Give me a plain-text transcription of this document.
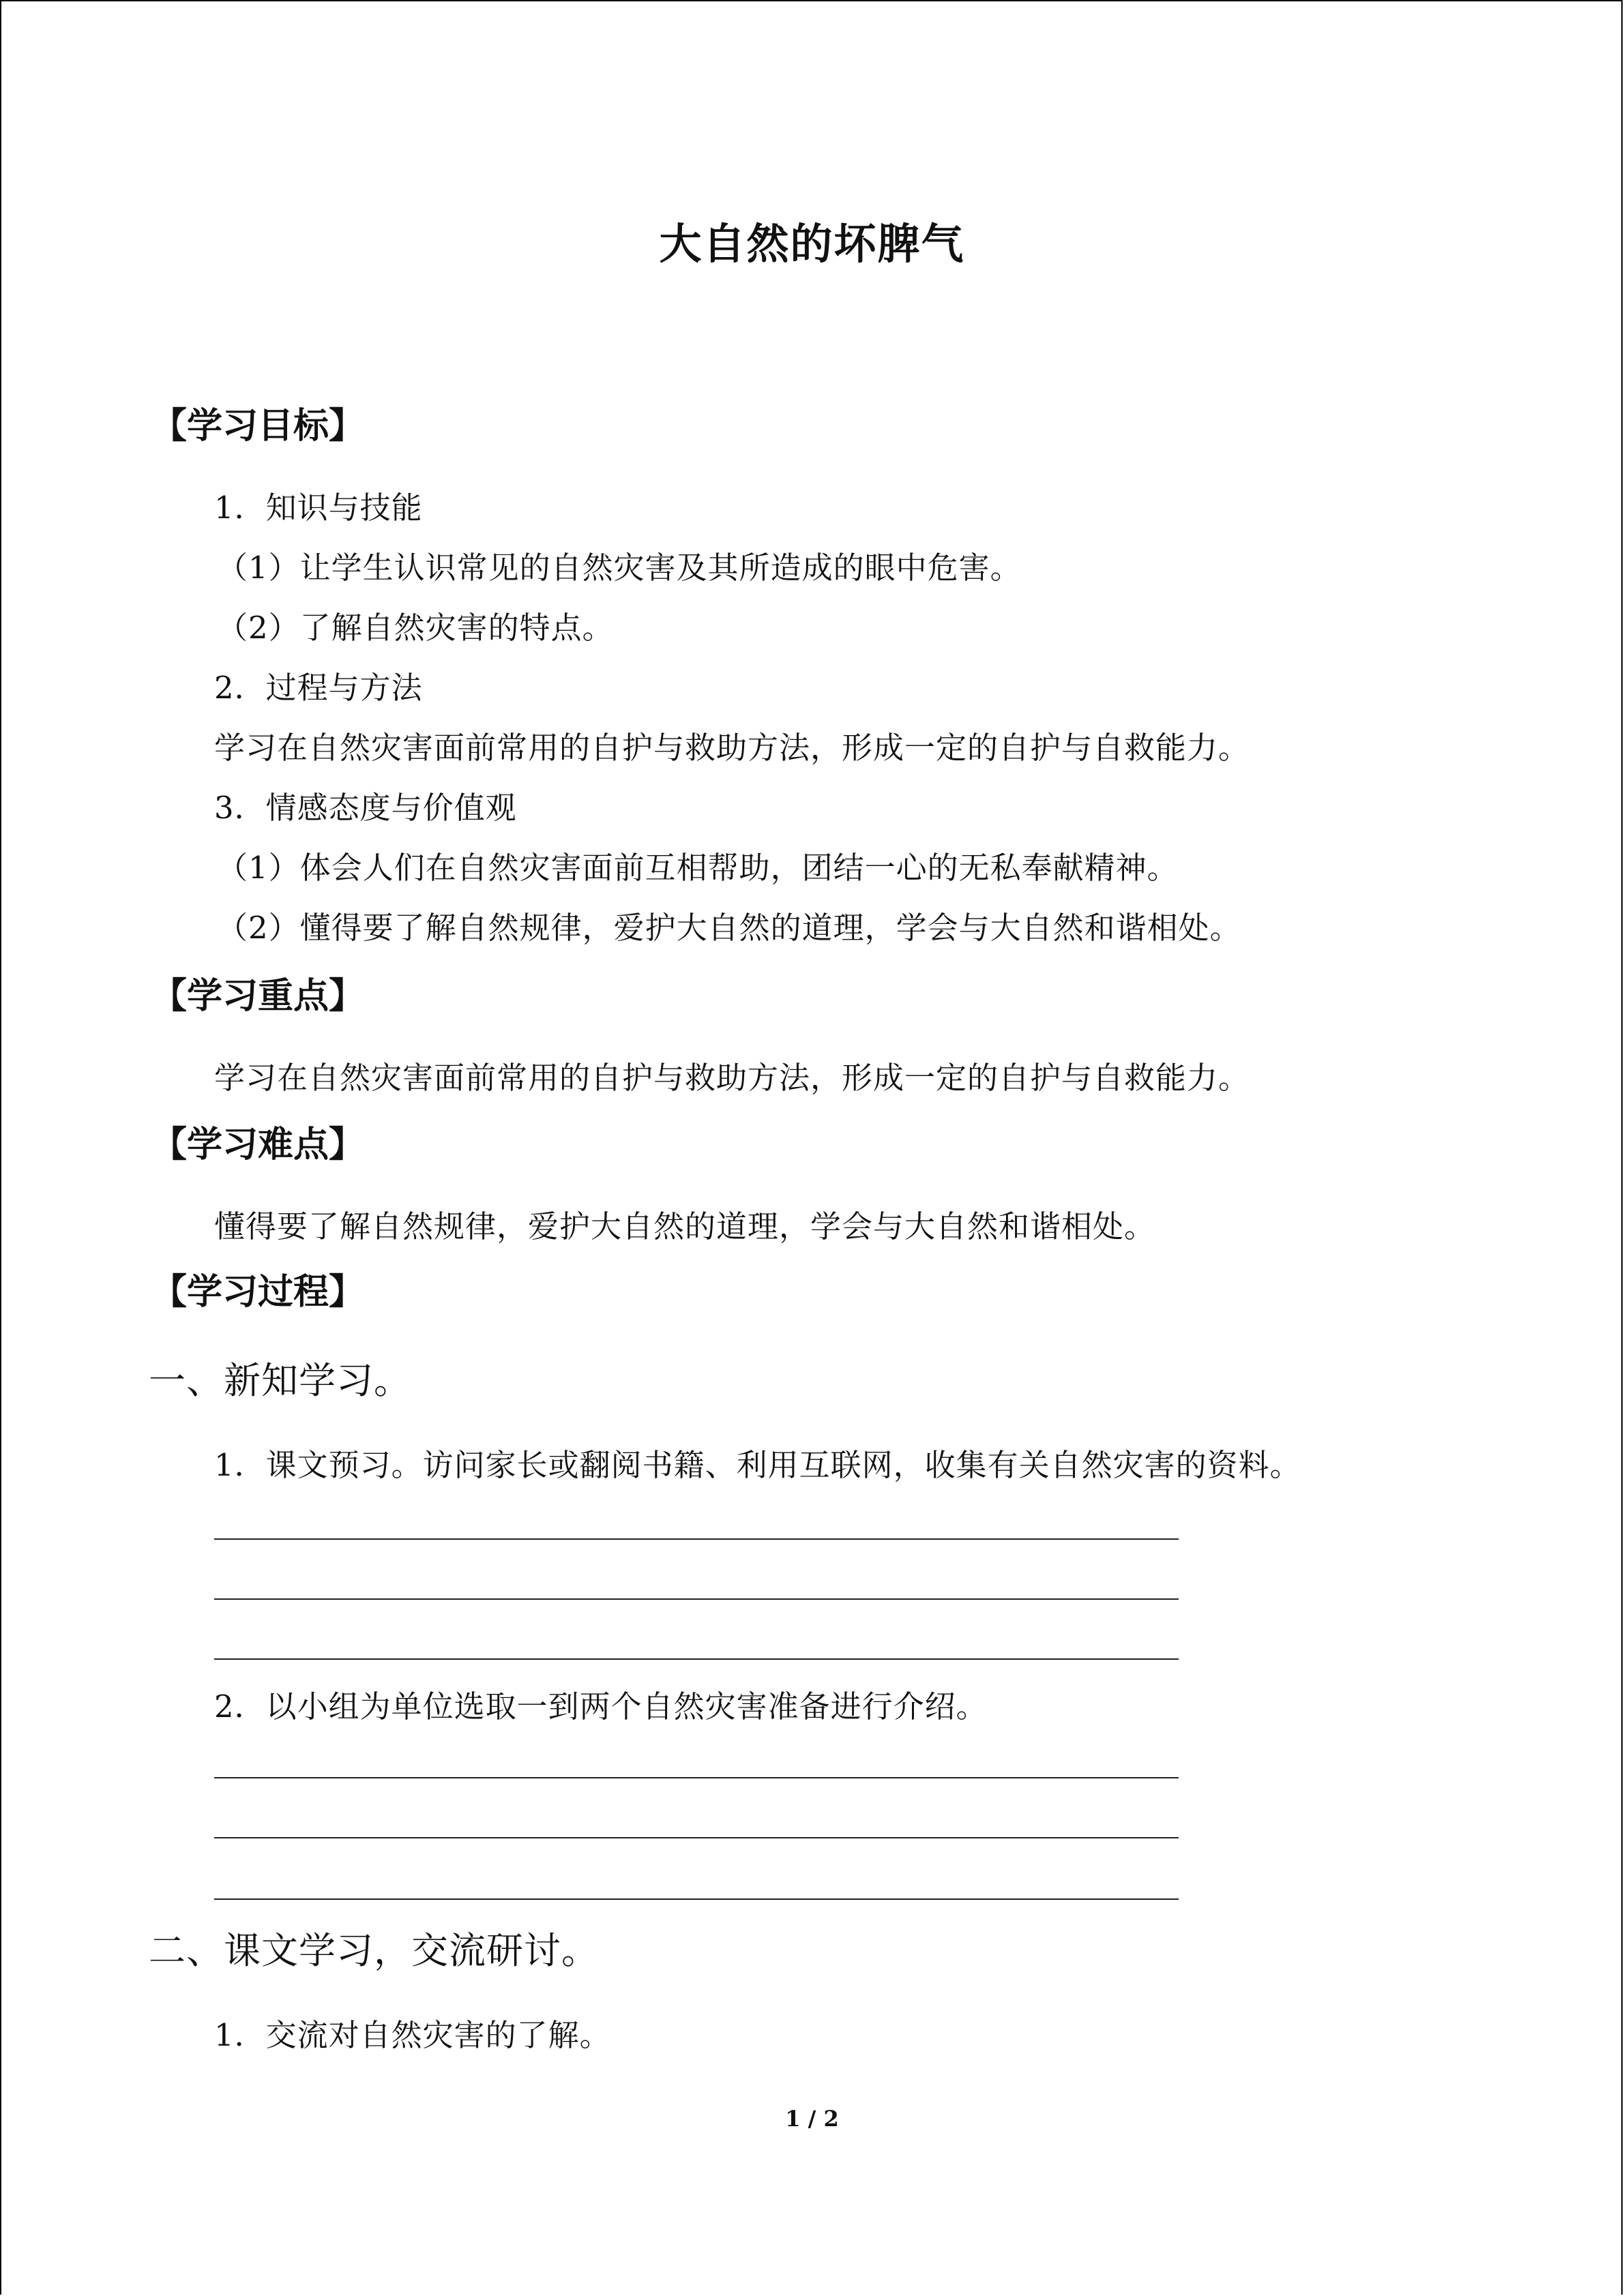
大自然的坏脾气
【学习目标】
1．知识与技能
（1）让学生认识常见的自然灾害及其所造成的眼中危害。
（2）了解自然灾害的特点。
2．过程与方法
学习在自然灾害面前常用的自护与救助方法，形成一定的自护与自救能力。
3．情感态度与价值观
（1）体会人们在自然灾害面前互相帮助，团结一心的无私奉献精神。
（2）懂得要了解自然规律，爱护大自然的道理，学会与大自然和谐相处。
【学习重点】
学习在自然灾害面前常用的自护与救助方法，形成一定的自护与自救能力。
【学习难点】
懂得要了解自然规律，爱护大自然的道理，学会与大自然和谐相处。
【学习过程】
一、新知学习。
1．课文预习。访问家长或翻阅书籍、利用互联网，收集有关自然灾害的资料。
2．以小组为单位选取一到两个自然灾害准备进行介绍。
二、课文学习，交流研讨。
1．交流对自然灾害的了解。
1 / 2
